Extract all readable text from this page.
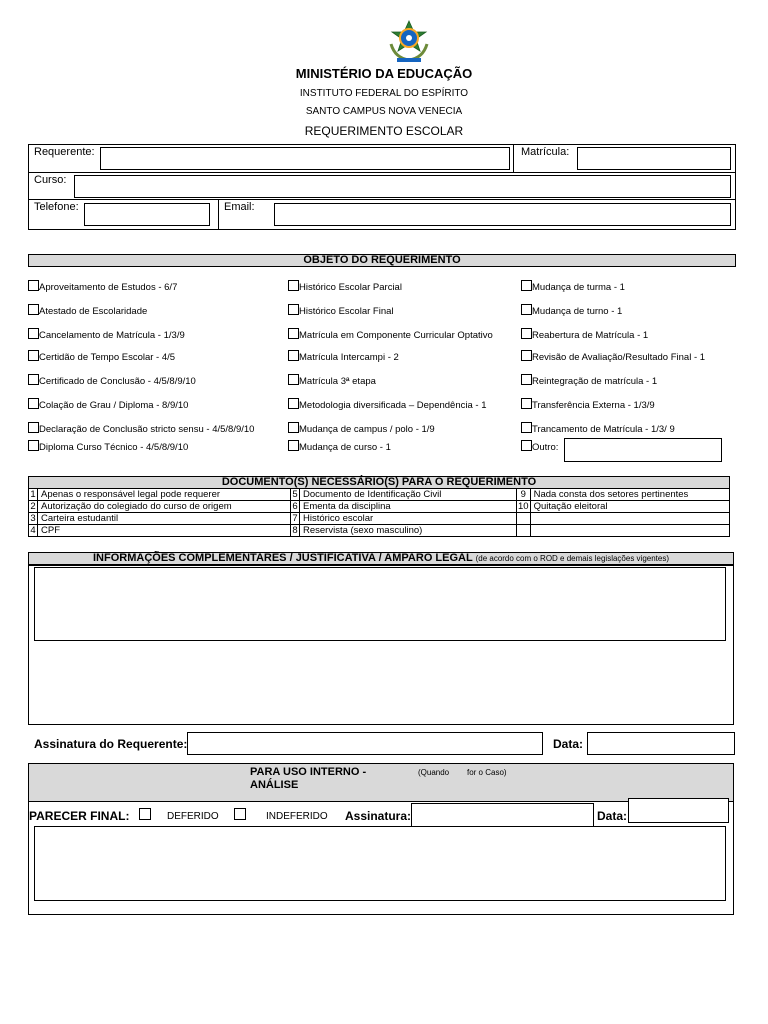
MINISTÉRIO DA EDUCAÇÃO
INSTITUTO FEDERAL DO ESPÍRITO
SANTO CAMPUS NOVA VENECIA
REQUERIMENTO ESCOLAR
Requerente:	Matrícula:
Curso:
Telefone:	Email:
OBJETO DO REQUERIMENTO
Aproveitamento de Estudos - 6/7
Atestado de Escolaridade
Cancelamento de Matrícula - 1/3/9
Certidão de Tempo Escolar - 4/5
Certificado de Conclusão - 4/5/8/9/10
Colação de Grau / Diploma - 8/9/10
Declaração de Conclusão stricto sensu - 4/5/8/9/10
Diploma Curso Técnico - 4/5/8/9/10
Histórico Escolar Parcial
Histórico Escolar Final
Matrícula em Componente Curricular Optativo
Matrícula Intercampi - 2
Matrícula 3ª etapa
Metodologia diversificada – Dependência - 1
Mudança de campus / polo - 1/9
Mudança de curso - 1
Mudança de turma - 1
Mudança de turno - 1
Reabertura de Matrícula - 1
Revisão de Avaliação/Resultado Final - 1
Reintegração de matrícula - 1
Transferência Externa - 1/3/9
Trancamento de Matrícula - 1/3/ 9
Outro:
DOCUMENTO(S) NECESSÁRIO(S) PARA O REQUERIMENTO
1	Apenas o responsável legal pode requerer	5	Documento de Identificação Civil	9	Nada consta dos setores pertinentes
2	Autorização do colegiado do curso de origem	6	Ementa da disciplina	10	Quitação eleitoral
3	Carteira estudantil	7	Histórico escolar		
4	CPF	8	Reservista (sexo masculino)		
INFORMAÇÕES COMPLEMENTARES / JUSTIFICATIVA / AMPARO LEGAL (de acordo com o ROD e demais legislações vigentes)
Assinatura do Requerente:	Data:
PARA USO INTERNO -
ANÁLISE
(Quando for o Caso)
PARECER FINAL:	DEFERIDO	INDEFERIDO Assinatura:	Data:
